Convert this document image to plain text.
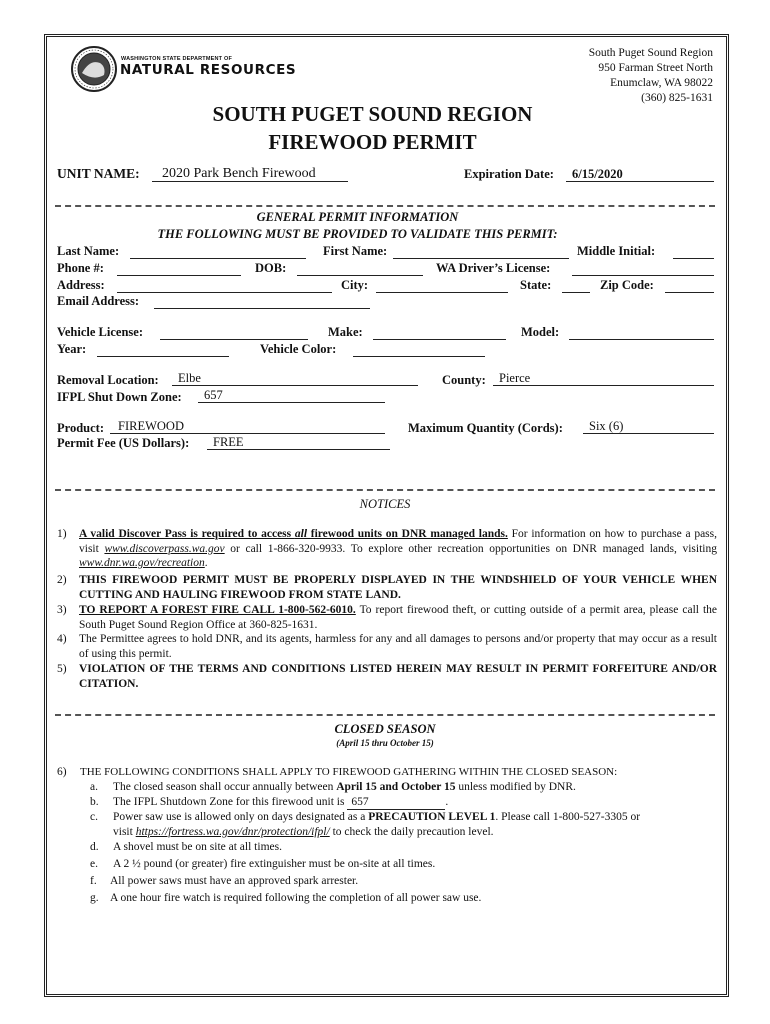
WASHINGTON STATE DEPARTMENT OF
NATURAL RESOURCES
South Puget Sound Region
950 Farman Street North
Enumclaw, WA 98022
(360) 825-1631
SOUTH PUGET SOUND REGION
FIREWOOD PERMIT
UNIT NAME:	2020 Park Bench Firewood	Expiration Date:	6/15/2020
GENERAL PERMIT INFORMATION
THE FOLLOWING MUST BE PROVIDED TO VALIDATE THIS PERMIT:
Last Name:	First Name:	Middle Initial:
Phone #:	DOB:	WA Driver’s License:
Address:	City:	State:	Zip Code:
Email Address:
Vehicle License:	Make:	Model:
Year:	Vehicle Color:
Removal Location:	Elbe	County:	Pierce
IFPL Shut Down Zone:	657
Product:	FIREWOOD	Maximum Quantity (Cords):	Six (6)
Permit Fee (US Dollars):	FREE
NOTICES
1) A valid Discover Pass is required to access all firewood units on DNR managed lands. For information on how to purchase a pass, visit www.discoverpass.wa.gov or call 1-866-320-9933. To explore other recreation opportunities on DNR managed lands, visiting www.dnr.wa.gov/recreation.
2) THIS FIREWOOD PERMIT MUST BE PROPERLY DISPLAYED IN THE WINDSHIELD OF YOUR VEHICLE WHEN CUTTING AND HAULING FIREWOOD FROM STATE LAND.
3) TO REPORT A FOREST FIRE CALL 1-800-562-6010. To report firewood theft, or cutting outside of a permit area, please call the South Puget Sound Region Office at 360-825-1631.
4) The Permittee agrees to hold DNR, and its agents, harmless for any and all damages to persons and/or property that may occur as a result of using this permit.
5) VIOLATION OF THE TERMS AND CONDITIONS LISTED HEREIN MAY RESULT IN PERMIT FORFEITURE AND/OR CITATION.
CLOSED SEASON
(April 15 thru October 15)
6) THE FOLLOWING CONDITIONS SHALL APPLY TO FIREWOOD GATHERING WITHIN THE CLOSED SEASON:
a. The closed season shall occur annually between April 15 and October 15 unless modified by DNR.
b. The IFPL Shutdown Zone for this firewood unit is 657	.
c. Power saw use is allowed only on days designated as a PRECAUTION LEVEL 1. Please call 1-800-527-3305 or
visit https://fortress.wa.gov/dnr/protection/ifpl/ to check the daily precaution level.
d. A shovel must be on site at all times.
e. A 2 ½ pound (or greater) fire extinguisher must be on-site at all times.
f. All power saws must have an approved spark arrester.
g. A one hour fire watch is required following the completion of all power saw use.
